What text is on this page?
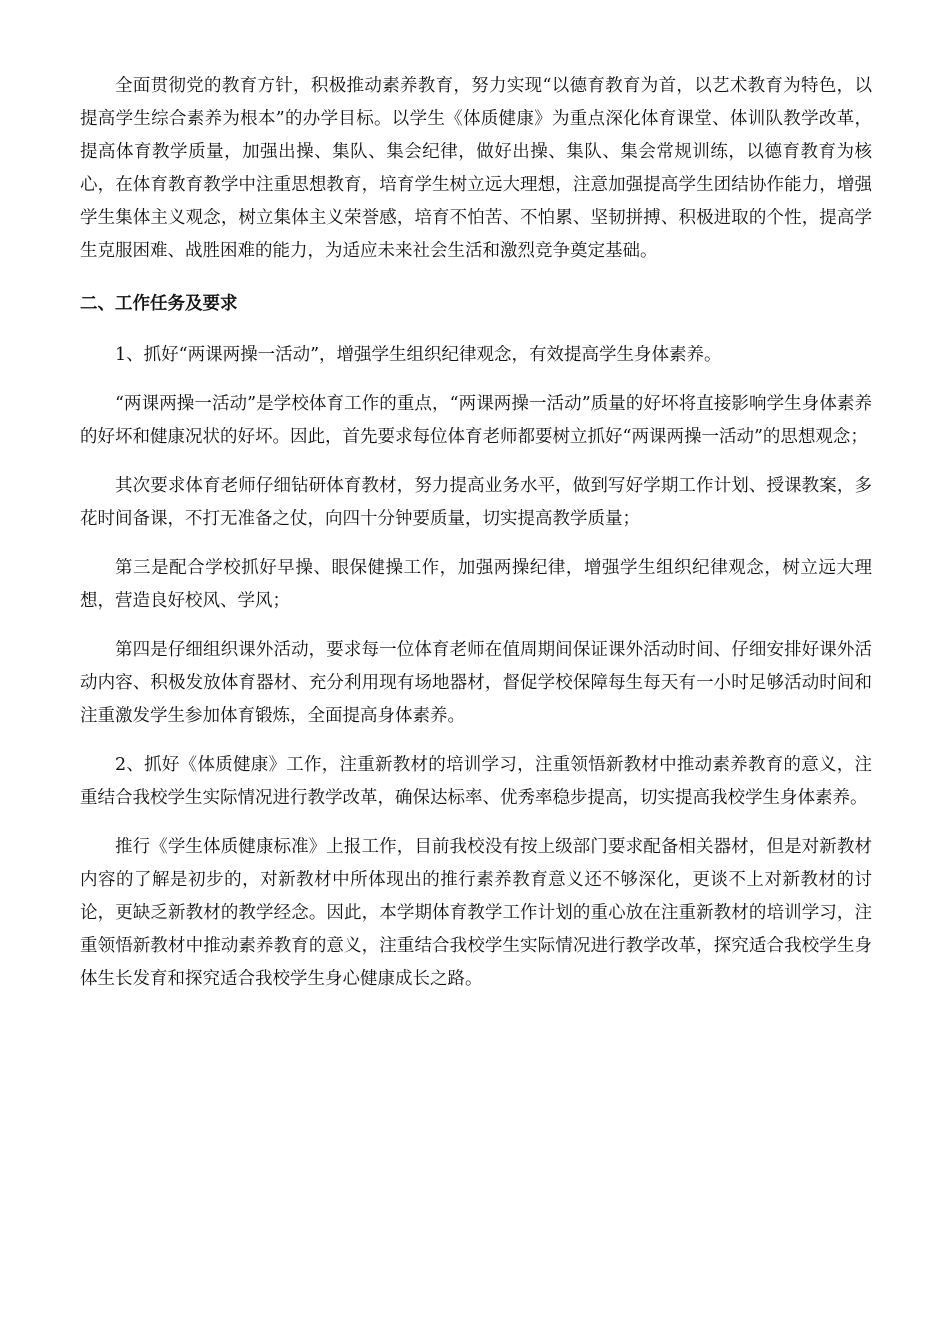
全面贯彻党的教育方针，积极推动素养教育，努力实现“以德育教育为首，以艺术教育为特色，以提高学生综合素养为根本”的办学目标。以学生《体质健康》为重点深化体育课堂、体训队教学改革，提高体育教学质量，加强出操、集队、集会纪律，做好出操、集队、集会常规训练，以德育教育为核心，在体育教育教学中注重思想教育，培育学生树立远大理想，注意加强提高学生团结协作能力，增强学生集体主义观念，树立集体主义荣誉感，培育不怕苦、不怕累、坚韧拼搏、积极进取的个性，提高学生克服困难、战胜困难的能力，为适应未来社会生活和激烈竞争奠定基础。

二、工作任务及要求

1、抓好“两课两操一活动”，增强学生组织纪律观念，有效提高学生身体素养。

“两课两操一活动”是学校体育工作的重点，“两课两操一活动”质量的好坏将直接影响学生身体素养的好坏和健康况状的好坏。因此，首先要求每位体育老师都要树立抓好“两课两操一活动”的思想观念；

其次要求体育老师仔细钻研体育教材，努力提高业务水平，做到写好学期工作计划、授课教案，多花时间备课，不打无准备之仗，向四十分钟要质量，切实提高教学质量；

第三是配合学校抓好早操、眼保健操工作，加强两操纪律，增强学生组织纪律观念，树立远大理想，营造良好校风、学风；

第四是仔细组织课外活动，要求每一位体育老师在值周期间保证课外活动时间、仔细安排好课外活动内容、积极发放体育器材、充分利用现有场地器材，督促学校保障每生每天有一小时足够活动时间和注重激发学生参加体育锻炼，全面提高身体素养。

2、抓好《体质健康》工作，注重新教材的培训学习，注重领悟新教材中推动素养教育的意义，注重结合我校学生实际情况进行教学改革，确保达标率、优秀率稳步提高，切实提高我校学生身体素养。

推行《学生体质健康标准》上报工作，目前我校没有按上级部门要求配备相关器材，但是对新教材内容的了解是初步的，对新教材中所体现出的推行素养教育意义还不够深化，更谈不上对新教材的讨论，更缺乏新教材的教学经念。因此，本学期体育教学工作计划的重心放在注重新教材的培训学习，注重领悟新教材中推动素养教育的意义，注重结合我校学生实际情况进行教学改革，探究适合我校学生身体生长发育和探究适合我校学生身心健康成长之路。
